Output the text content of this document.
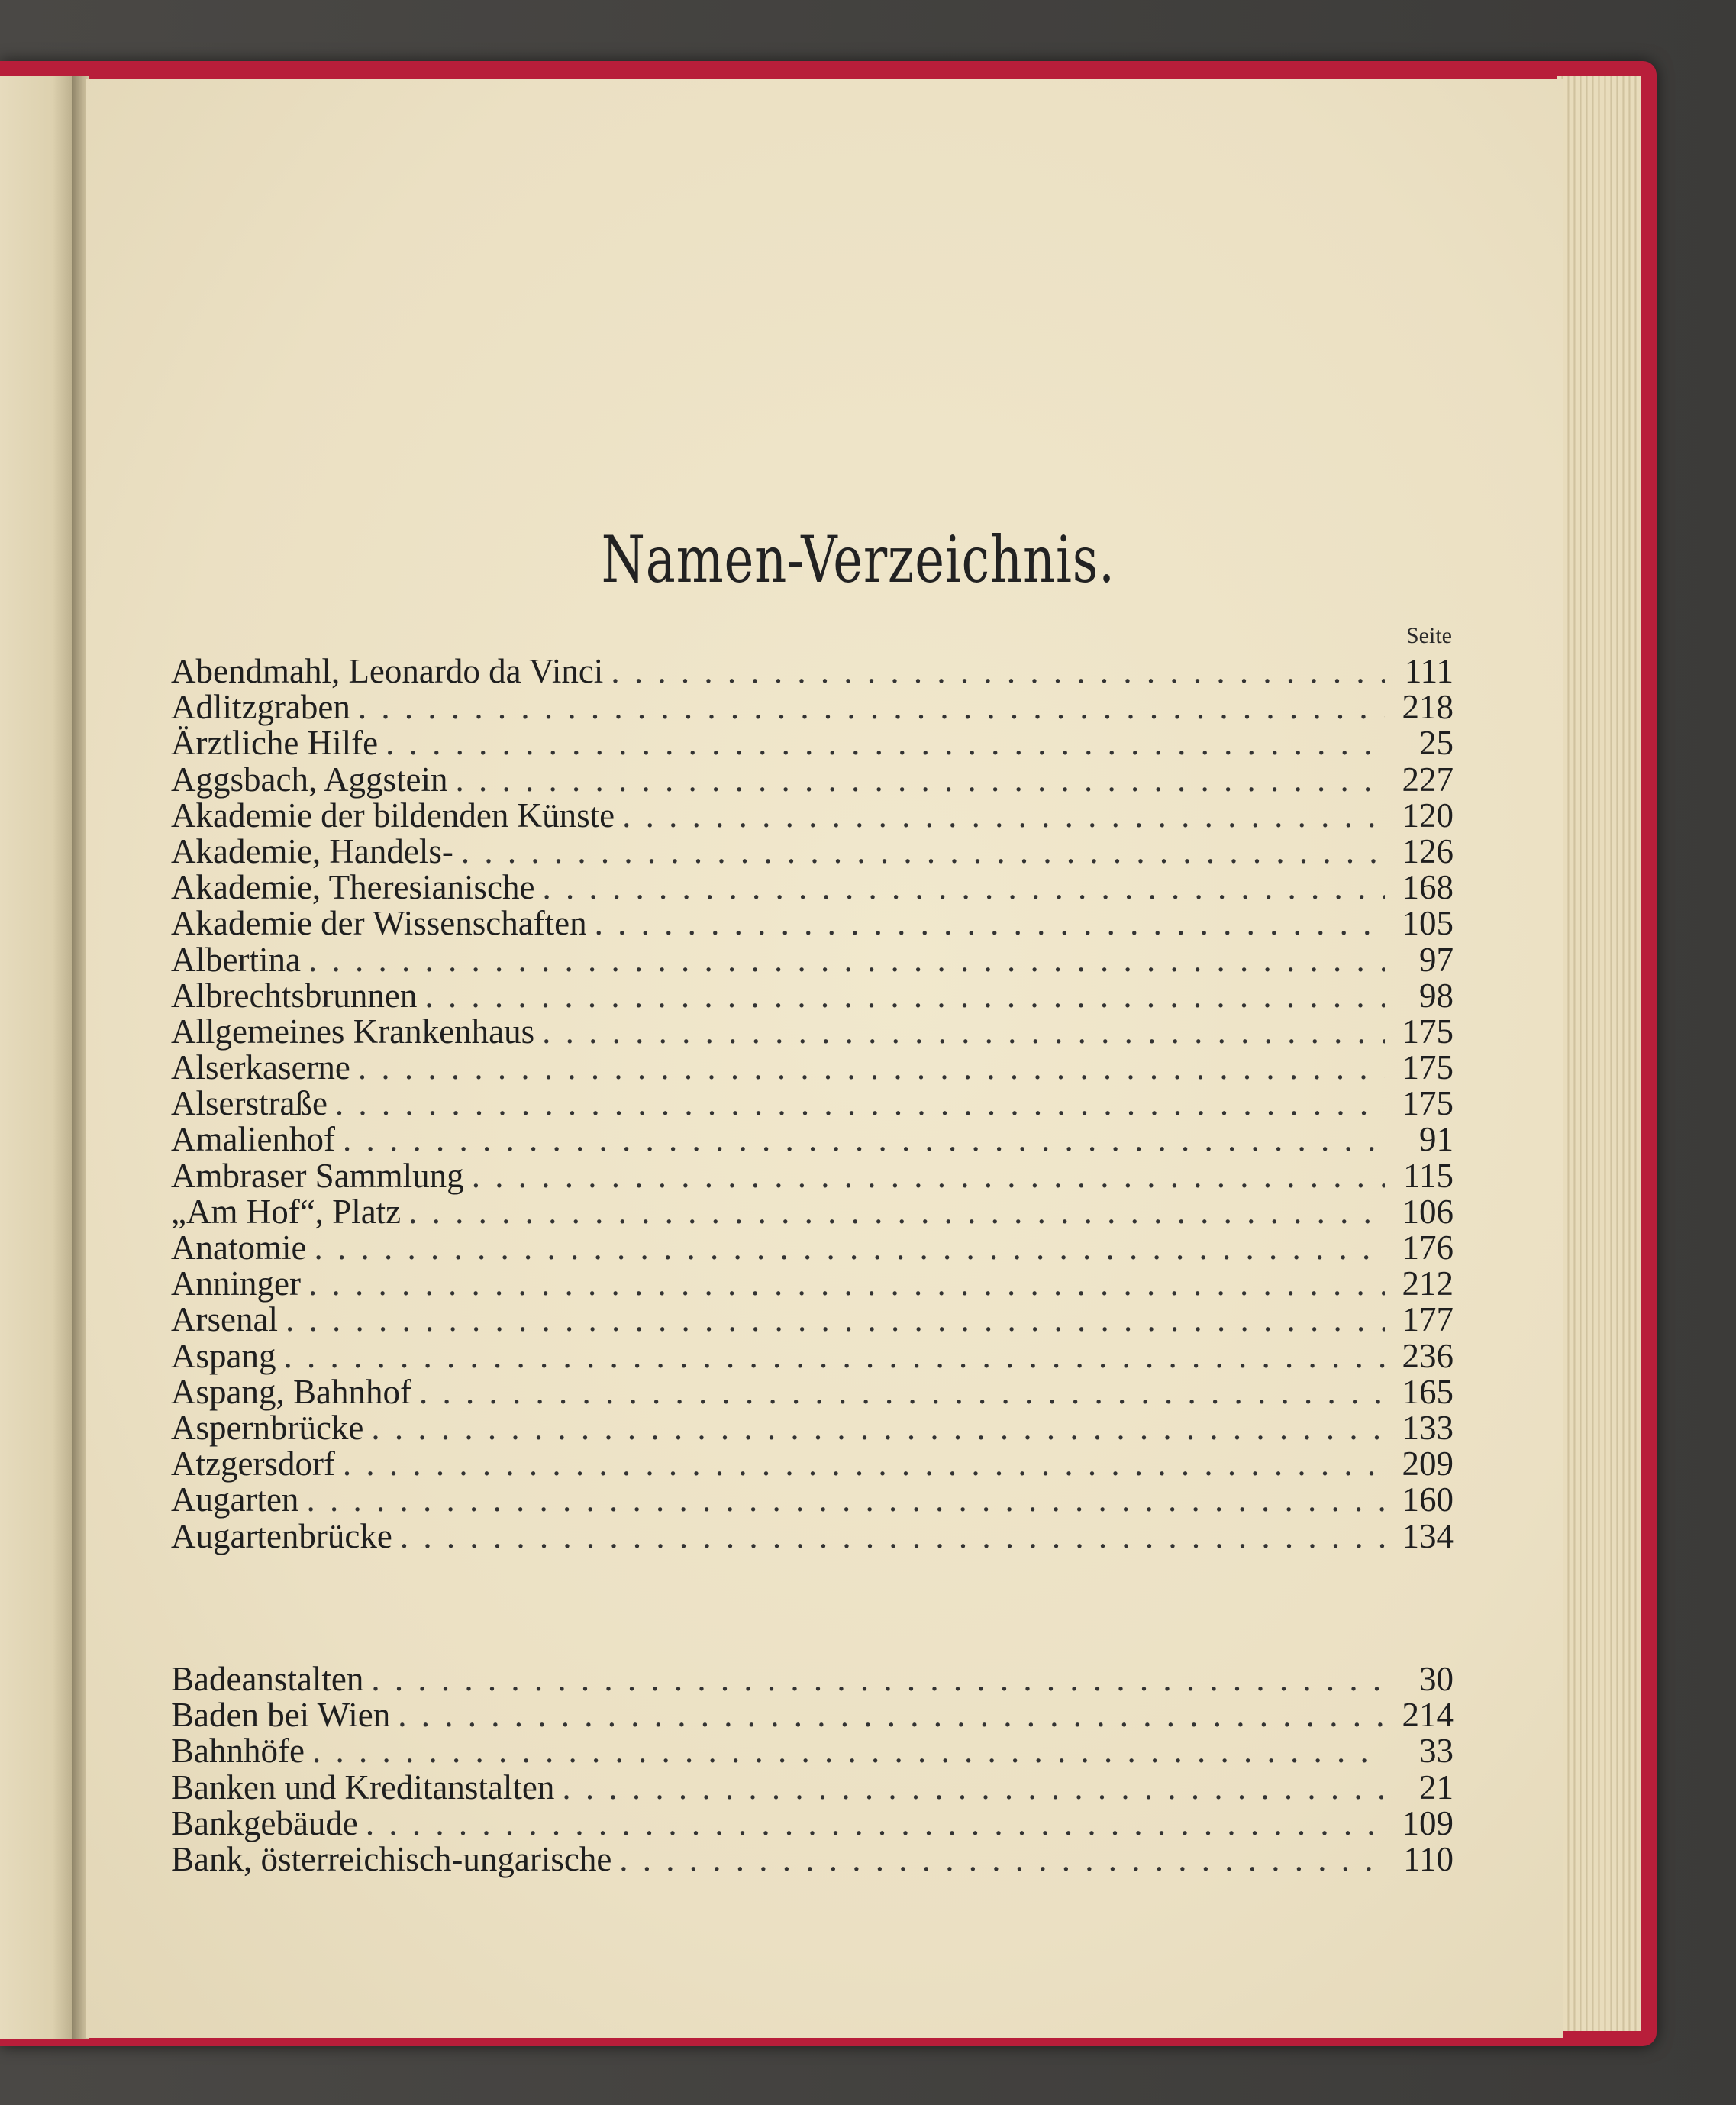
Namen-Verzeichnis.
Seite
Abendmahl, Leonardo da Vinci . . .	111
Adlitzgraben . . .	218
Ärztliche Hilfe . . .	25
Aggsbach, Aggstein . . .	227
Akademie der bildenden Künste . . .	120
Akademie, Handels- . . .	126
Akademie, Theresianische . . .	168
Akademie der Wissenschaften . . .	105
Albertina . . .	97
Albrechtsbrunnen . . .	98
Allgemeines Krankenhaus . . .	175
Alserkaserne . . .	175
Alserstraße . . .	175
Amalienhof . . .	91
Ambraser Sammlung . . .	115
„Am Hof“, Platz . . .	106
Anatomie . . .	176
Anninger . . .	212
Arsenal . . .	177
Aspang . . .	236
Aspang, Bahnhof . . .	165
Aspernbrücke . . .	133
Atzgersdorf . . .	209
Augarten . . .	160
Augartenbrücke . . .	134
Badeanstalten . . .	30
Baden bei Wien . . .	214
Bahnhöfe . . .	33
Banken und Kreditanstalten . . .	21
Bankgebäude . . .	109
Bank, österreichisch-ungarische . . .	110
